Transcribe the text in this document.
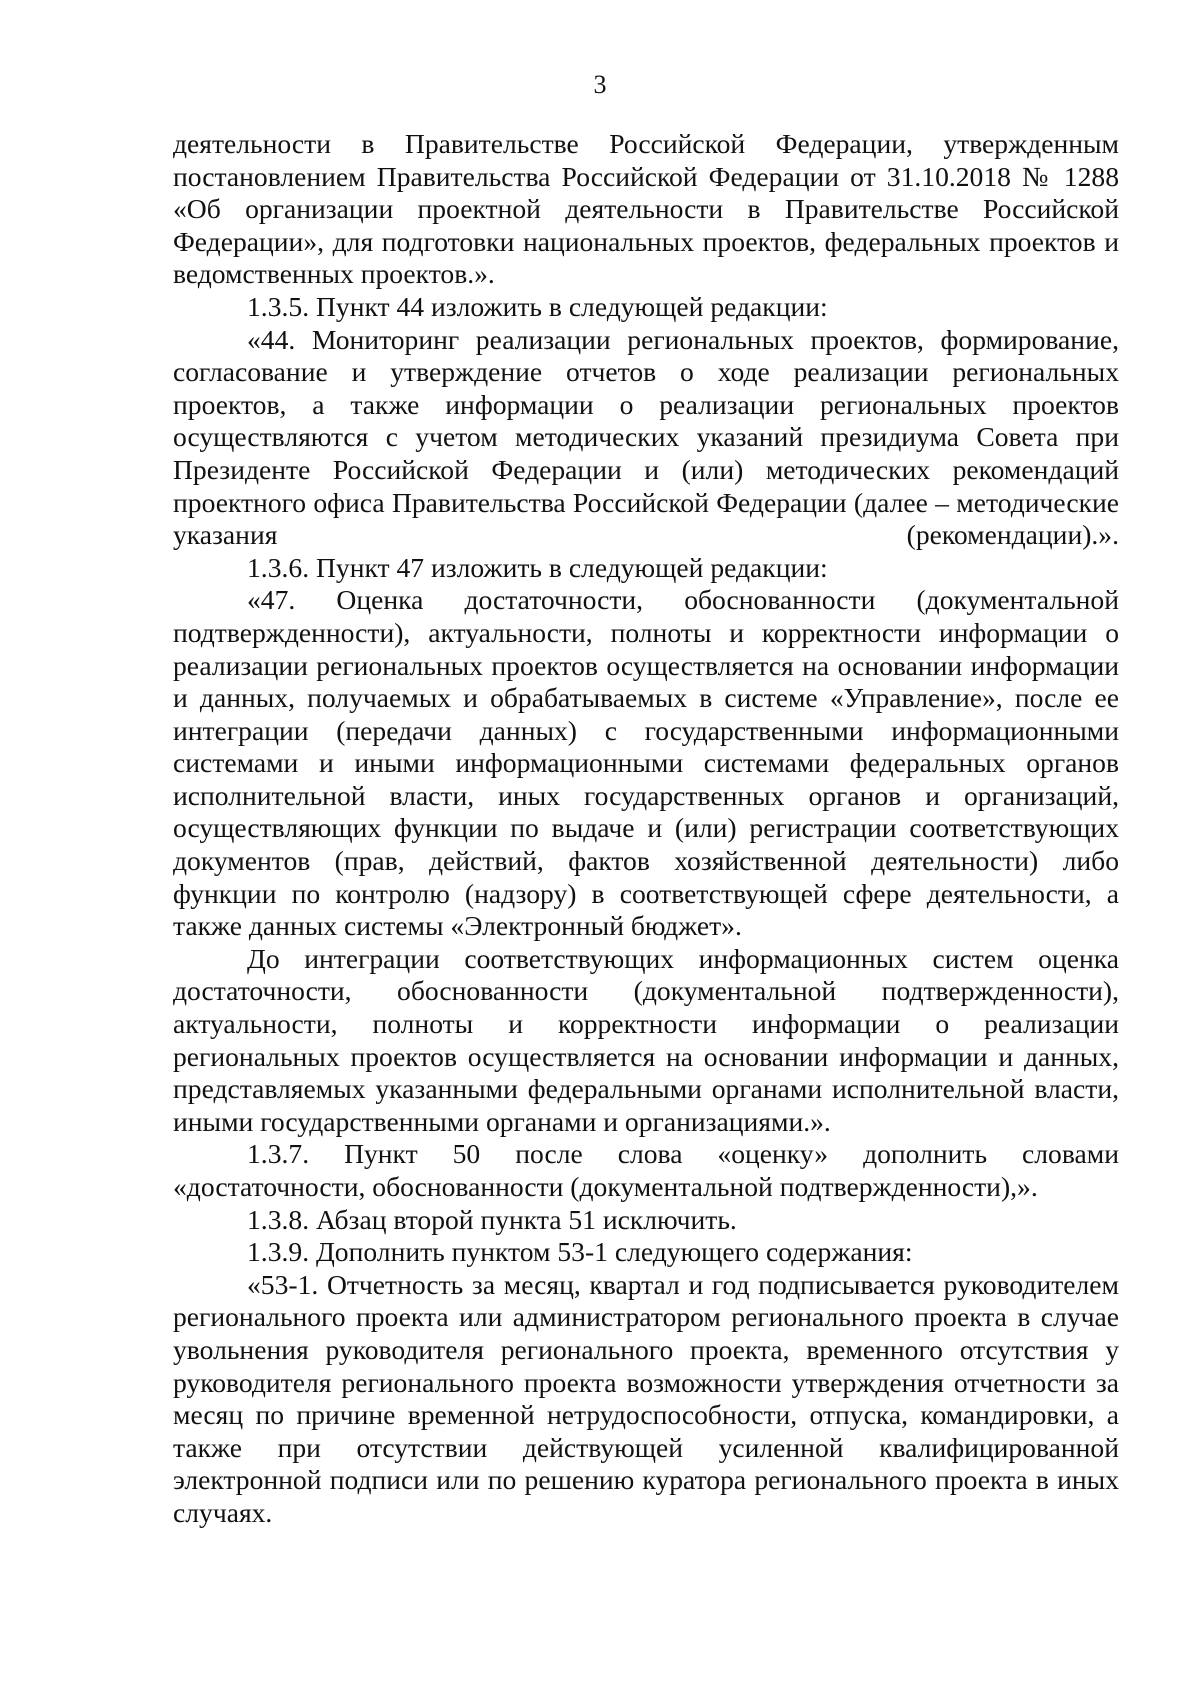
3

деятельности в Правительстве Российской Федерации, утвержденным постановлением Правительства Российской Федерации от 31.10.2018 № 1288 «Об организации проектной деятельности в Правительстве Российской Федерации», для подготовки национальных проектов, федеральных проектов и ведомственных проектов.».

1.3.5. Пункт 44 изложить в следующей редакции:

«44. Мониторинг реализации региональных проектов, формирование, согласование и утверждение отчетов о ходе реализации региональных проектов, а также информации о реализации региональных проектов осуществляются с учетом методических указаний президиума Совета при Президенте Российской Федерации и (или) методических рекомендаций проектного офиса Правительства Российской Федерации (далее – методические указания (рекомендации).».

1.3.6. Пункт 47 изложить в следующей редакции:

«47. Оценка достаточности, обоснованности (документальной подтвержденности), актуальности, полноты и корректности информации о реализации региональных проектов осуществляется на основании информации и данных, получаемых и обрабатываемых в системе «Управление», после ее интеграции (передачи данных) с государственными информационными системами и иными информационными системами федеральных органов исполнительной власти, иных государственных органов и организаций, осуществляющих функции по выдаче и (или) регистрации соответствующих документов (прав, действий, фактов хозяйственной деятельности) либо функции по контролю (надзору) в соответствующей сфере деятельности, а также данных системы «Электронный бюджет».

До интеграции соответствующих информационных систем оценка достаточности, обоснованности (документальной подтвержденности), актуальности, полноты и корректности информации о реализации региональных проектов осуществляется на основании информации и данных, представляемых указанными федеральными органами исполнительной власти, иными государственными органами и организациями.».

1.3.7. Пункт 50 после слова «оценку» дополнить словами «достаточности, обоснованности (документальной подтвержденности),».

1.3.8. Абзац второй пункта 51 исключить.

1.3.9. Дополнить пунктом 53-1 следующего содержания:

«53-1. Отчетность за месяц, квартал и год подписывается руководителем регионального проекта или администратором регионального проекта в случае увольнения руководителя регионального проекта, временного отсутствия у руководителя регионального проекта возможности утверждения отчетности за месяц по причине временной нетрудоспособности, отпуска, командировки, а также при отсутствии действующей усиленной квалифицированной электронной подписи или по решению куратора регионального проекта в иных случаях.
